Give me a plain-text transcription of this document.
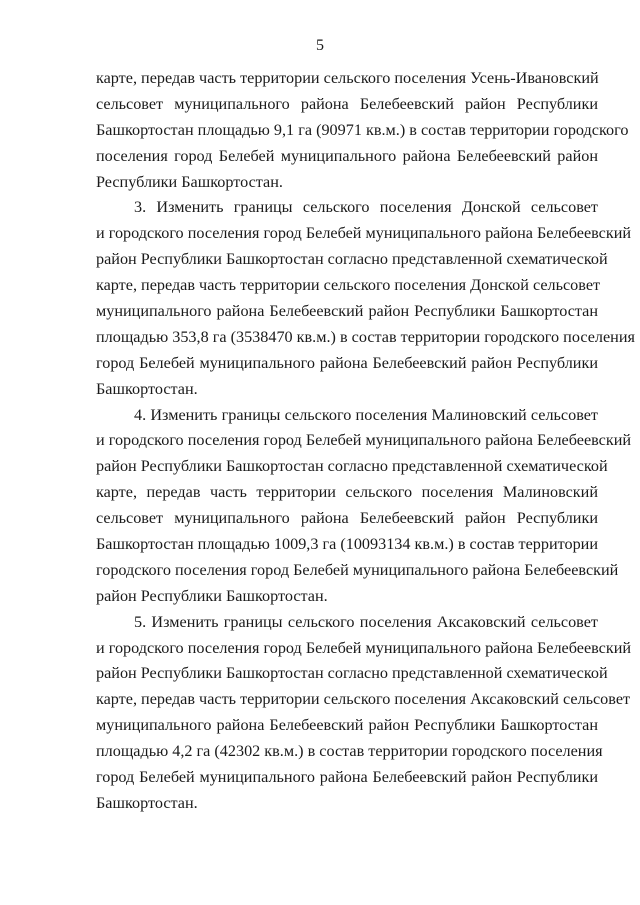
5

карте, передав часть территории сельского поселения Усень-Ивановский
сельсовет муниципального района Белебеевский район Республики
Башкортостан площадью 9,1 га (90971 кв.м.) в состав территории городского
поселения город Белебей муниципального района Белебеевский район
Республики Башкортостан.

3. Изменить границы сельского поселения Донской сельсовет
и городского поселения город Белебей муниципального района Белебеевский
район Республики Башкортостан согласно представленной схематической
карте, передав часть территории сельского поселения Донской сельсовет
муниципального района Белебеевский район Республики Башкортостан
площадью 353,8 га (3538470 кв.м.) в состав территории городского поселения
город Белебей муниципального района Белебеевский район Республики
Башкортостан.

4. Изменить границы сельского поселения Малиновский сельсовет
и городского поселения город Белебей муниципального района Белебеевский
район Республики Башкортостан согласно представленной схематической
карте, передав часть территории сельского поселения Малиновский
сельсовет муниципального района Белебеевский район Республики
Башкортостан площадью 1009,3 га (10093134 кв.м.) в состав территории
городского поселения город Белебей муниципального района Белебеевский
район Республики Башкортостан.

5. Изменить границы сельского поселения Аксаковский сельсовет
и городского поселения город Белебей муниципального района Белебеевский
район Республики Башкортостан согласно представленной схематической
карте, передав часть территории сельского поселения Аксаковский сельсовет
муниципального района Белебеевский район Республики Башкортостан
площадью 4,2 га (42302 кв.м.) в состав территории городского поселения
город Белебей муниципального района Белебеевский район Республики
Башкортостан.
